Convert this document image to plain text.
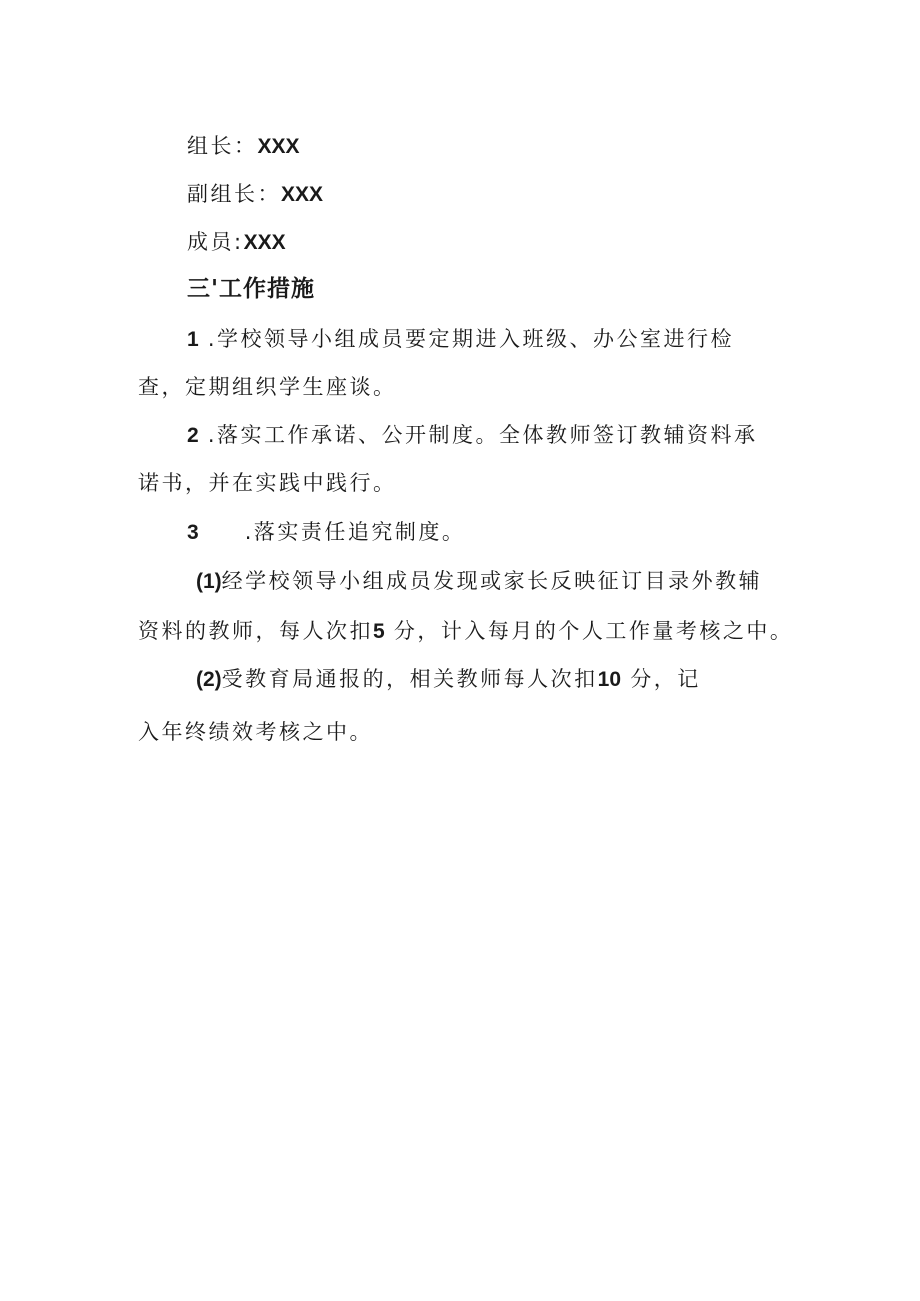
组长：XXX
副组长：XXX
成员:XXX
三'工作措施
1 .学校领导小组成员要定期进入班级、办公室进行检
查，定期组织学生座谈。
2 .落实工作承诺、公开制度。全体教师签订教辅资料承
诺书，并在实践中践行。
3 .落实责任追究制度。
(1)经学校领导小组成员发现或家长反映征订目录外教辅
资料的教师，每人次扣5 分，计入每月的个人工作量考核之中。
(2)受教育局通报的，相关教师每人次扣10 分，记
入年终绩效考核之中。
